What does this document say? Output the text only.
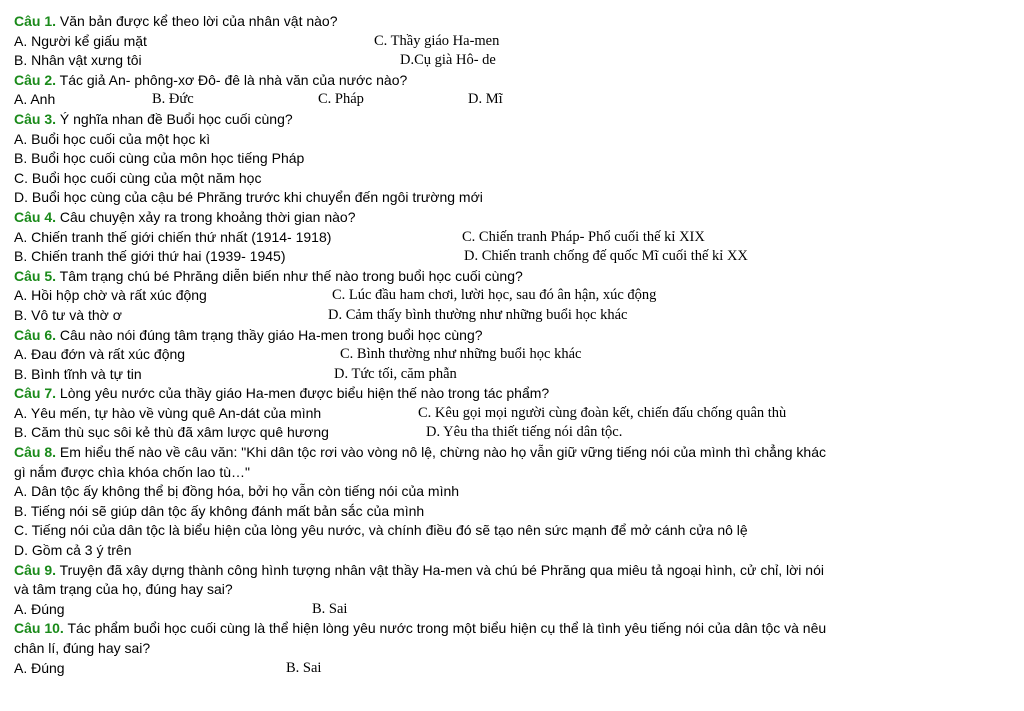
Câu 1. Văn bản được kể theo lời của nhân vật nào?
A. Người kể giấu mặt	C. Thầy giáo Ha-men
B. Nhân vật xưng tôi	D.Cụ già Hô- de
Câu 2. Tác giả An- phông-xơ Đô- đê là nhà văn của nước nào?
A. Anh	B. Đức	C. Pháp	D. Mĩ
Câu 3. Ý nghĩa nhan đề Buổi học cuối cùng?
A. Buổi học cuối của một học kì
B. Buổi học cuối cùng của môn học tiếng Pháp
C. Buổi học cuối cùng của một năm học
D. Buổi học cùng của cậu bé Phrăng trước khi chuyển đến ngôi trường mới
Câu 4. Câu chuyện xảy ra trong khoảng thời gian nào?
A. Chiến tranh thế giới chiến thứ nhất (1914- 1918)	C. Chiến tranh Pháp- Phổ cuối thế kỉ XIX
B. Chiến tranh thế giới thứ hai (1939- 1945)	D. Chiến tranh chống đế quốc Mĩ cuối thế kỉ XX
Câu 5. Tâm trạng chú bé Phrăng diễn biến như thế nào trong buổi học cuối cùng?
A. Hồi hộp chờ và rất xúc động	C. Lúc đầu ham chơi, lười học, sau đó ân hận, xúc động
B. Vô tư và thờ ơ	D. Cảm thấy bình thường như những buổi học khác
Câu 6. Câu nào nói đúng tâm trạng thầy giáo Ha-men trong buổi học cùng?
A. Đau đớn và rất xúc động	C. Bình thường như những buổi học khác
B. Bình tĩnh và tự tin	D. Tức tối, căm phẫn
Câu 7. Lòng yêu nước của thầy giáo Ha-men được biểu hiện thế nào trong tác phẩm?
A. Yêu mến, tự hào về vùng quê An-dát của mình	C. Kêu gọi mọi người cùng đoàn kết, chiến đấu chống quân thù
B. Căm thù sục sôi kẻ thù đã xâm lược quê hương	D. Yêu tha thiết tiếng nói dân tộc.
Câu 8. Em hiểu thế nào về câu văn: "Khi dân tộc rơi vào vòng nô lệ, chừng nào họ vẫn giữ vững tiếng nói của mình thì chẳng khác
gì nắm được chìa khóa chốn lao tù…"
A. Dân tộc ấy không thể bị đồng hóa, bởi họ vẫn còn tiếng nói của mình
B. Tiếng nói sẽ giúp dân tộc ấy không đánh mất bản sắc của mình
C. Tiếng nói của dân tộc là biểu hiện của lòng yêu nước, và chính điều đó sẽ tạo nên sức mạnh để mở cánh cửa nô lệ
D. Gồm cả 3 ý trên
Câu 9. Truyện đã xây dựng thành công hình tượng nhân vật thầy Ha-men và chú bé Phrăng qua miêu tả ngoại hình, cử chỉ, lời nói
và tâm trạng của họ, đúng hay sai?
A. Đúng	B. Sai
Câu 10. Tác phẩm buổi học cuối cùng là thể hiện lòng yêu nước trong một biểu hiện cụ thể là tình yêu tiếng nói của dân tộc và nêu
chân lí, đúng hay sai?
A. Đúng	B. Sai
